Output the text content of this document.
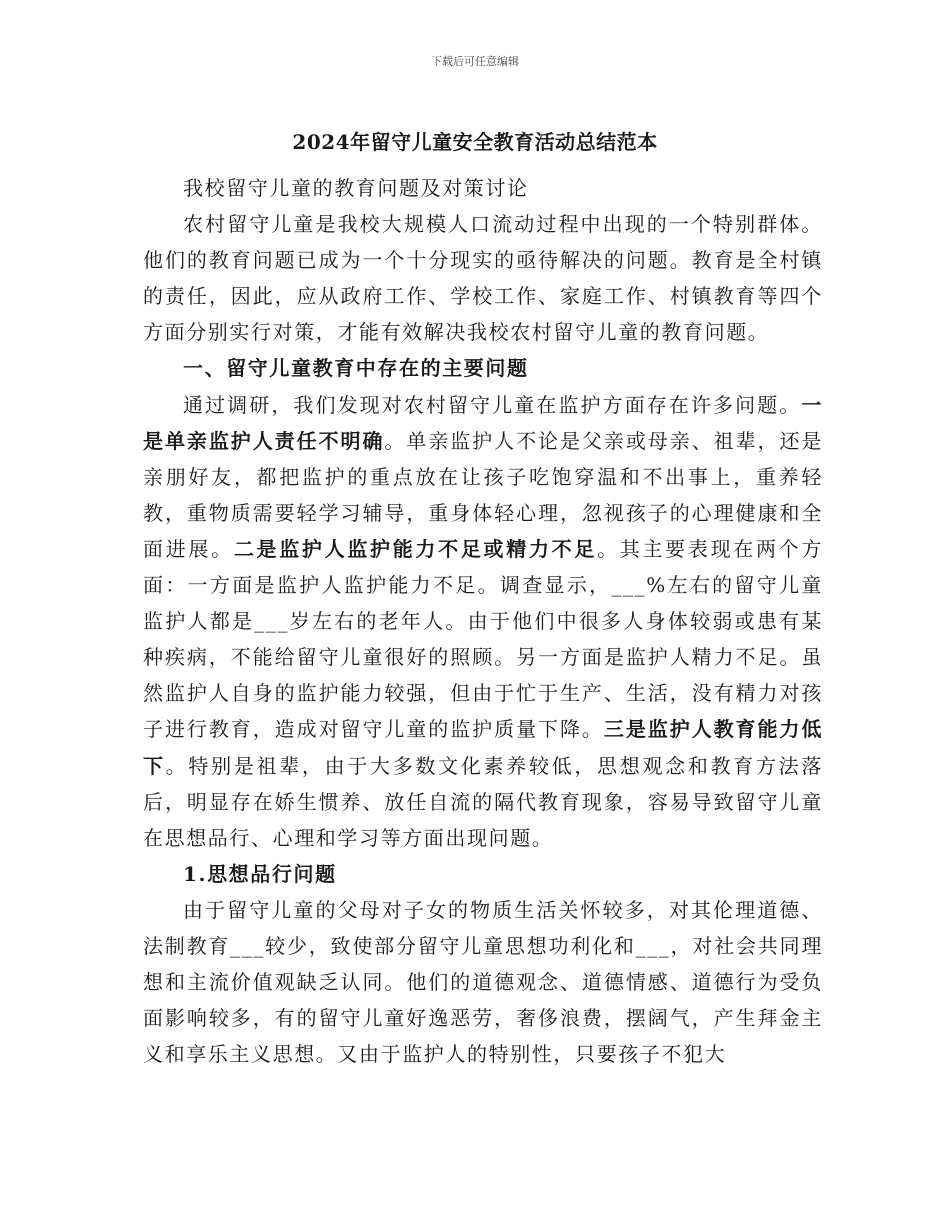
下载后可任意编辑
2024年留守儿童安全教育活动总结范本

我校留守儿童的教育问题及对策讨论

农村留守儿童是我校大规模人口流动过程中出现的一个特别群体。他们的教育问题已成为一个十分现实的亟待解决的问题。教育是全村镇的责任，因此，应从政府工作、学校工作、家庭工作、村镇教育等四个方面分别实行对策，才能有效解决我校农村留守儿童的教育问题。

一、留守儿童教育中存在的主要问题

通过调研，我们发现对农村留守儿童在监护方面存在许多问题。一是单亲监护人责任不明确。单亲监护人不论是父亲或母亲、祖辈，还是亲朋好友，都把监护的重点放在让孩子吃饱穿温和不出事上，重养轻教，重物质需要轻学习辅导，重身体轻心理，忽视孩子的心理健康和全面进展。二是监护人监护能力不足或精力不足。其主要表现在两个方面：一方面是监护人监护能力不足。调查显示，___%左右的留守儿童监护人都是___岁左右的老年人。由于他们中很多人身体较弱或患有某种疾病，不能给留守儿童很好的照顾。另一方面是监护人精力不足。虽然监护人自身的监护能力较强，但由于忙于生产、生活，没有精力对孩子进行教育，造成对留守儿童的监护质量下降。三是监护人教育能力低下。特别是祖辈，由于大多数文化素养较低，思想观念和教育方法落后，明显存在娇生惯养、放任自流的隔代教育现象，容易导致留守儿童在思想品行、心理和学习等方面出现问题。

1.思想品行问题

由于留守儿童的父母对子女的物质生活关怀较多，对其伦理道德、法制教育___较少，致使部分留守儿童思想功利化和___，对社会共同理想和主流价值观缺乏认同。他们的道德观念、道德情感、道德行为受负面影响较多，有的留守儿童好逸恶劳，奢侈浪费，摆阔气，产生拜金主义和享乐主义思想。又由于监护人的特别性，只要孩子不犯大
